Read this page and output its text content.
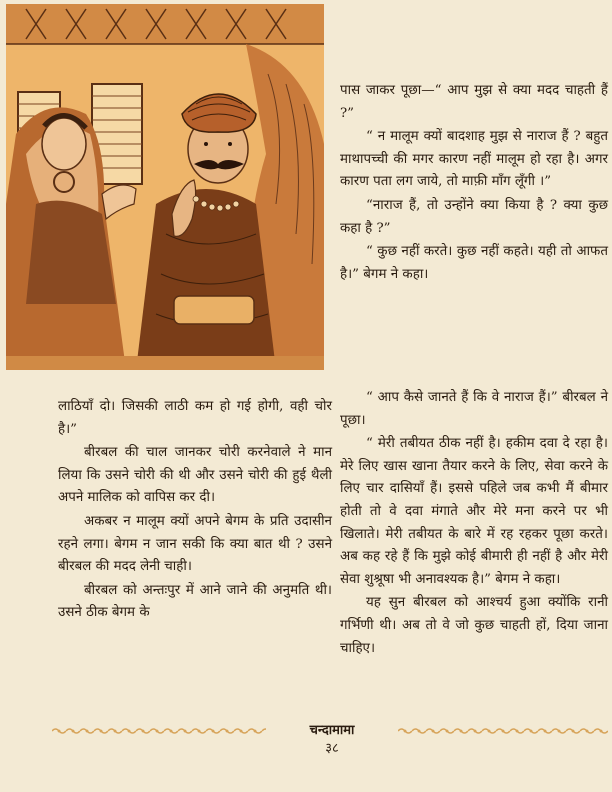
पास जाकर पूछा—“ आप मुझ से क्या मदद चाहती हैं ?”

“ न मालूम क्यों बादशाह मुझ से नाराज हैं ? बहुत माथापच्ची की मगर कारण नहीं मालूम हो रहा है। अगर कारण पता लग जाये, तो माफ़ी माँग लूँगी ।”

“नाराज हैं, तो उन्होंने क्या किया है ? क्या कुछ कहा है ?”

“ कुछ नहीं करते। कुछ नहीं कहते। यही तो आफत है।” बेगम ने कहा।

“ आप कैसे जानते हैं कि वे नाराज हैं।” बीरबल ने पूछा।

“ मेरी तबीयत ठीक नहीं है। हकीम दवा दे रहा है। मेरे लिए खास खाना तैयार करने के लिए, सेवा करने के लिए चार दासियाँ हैं। इससे पहिले जब कभी मैं बीमार होती तो वे दवा मंगाते और मेरे मना करने पर भी खिलाते। मेरी तबीयत के बारे में रह रहकर पूछा करते। अब कह रहे हैं कि मुझे कोई बीमारी ही नहीं है और मेरी सेवा शुश्रूषा भी अनावश्यक है।” बेगम ने कहा।

यह सुन बीरबल को आश्चर्य हुआ क्योंकि रानी गर्भिणी थी। अब तो वे जो कुछ चाहती हों, दिया जाना चाहिए।

लाठियाँ दो। जिसकी लाठी कम हो गई होगी, वही चोर है।”

बीरबल की चाल जानकर चोरी करनेवाले ने मान लिया कि उसने चोरी की थी और उसने चोरी की हुई थैली अपने मालिक को वापिस कर दी।

अकबर न मालूम क्यों अपने बेगम के प्रति उदासीन रहने लगा। बेगम न जान सकी कि क्या बात थी ? उसने बीरबल की मदद लेनी चाही।

बीरबल को अन्तःपुर में आने जाने की अनुमति थी। उसने ठीक बेगम के

चन्दामामा
३८
